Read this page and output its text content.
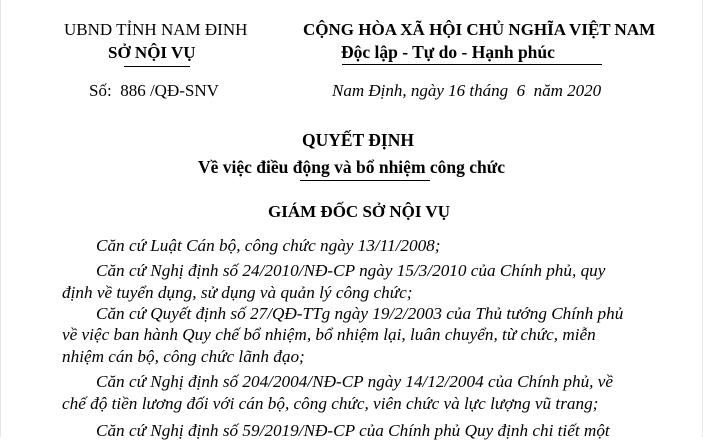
UBND TỈNH NAM ĐINH
SỞ NỘI VỤ
Số: 886 /QĐ-SNV
CỘNG HÒA XÃ HỘI CHỦ NGHĨA VIỆT NAM
Độc lập - Tự do - Hạnh phúc
Nam Định, ngày 16 tháng  6  năm 2020
QUYẾT ĐỊNH
Về việc điều động và bổ nhiệm công chức
GIÁM ĐỐC SỞ NỘI VỤ
Căn cứ Luật Cán bộ, công chức ngày 13/11/2008;
Căn cứ Nghị định số 24/2010/NĐ-CP ngày 15/3/2010 của Chính phủ, quy
định về tuyển dụng, sử dụng và quản lý công chức;
Căn cứ Quyết định số 27/QĐ-TTg ngày 19/2/2003 của Thủ tướng Chính phủ
về việc ban hành Quy chế bổ nhiệm, bổ nhiệm lại, luân chuyển, từ chức, miễn
nhiệm cán bộ, công chức lãnh đạo;
Căn cứ Nghị định số 204/2004/NĐ-CP ngày 14/12/2004 của Chính phủ, về
chế độ tiền lương đối với cán bộ, công chức, viên chức và lực lượng vũ trang;
Căn cứ Nghị định số 59/2019/NĐ-CP của Chính phủ Quy định chi tiết một
